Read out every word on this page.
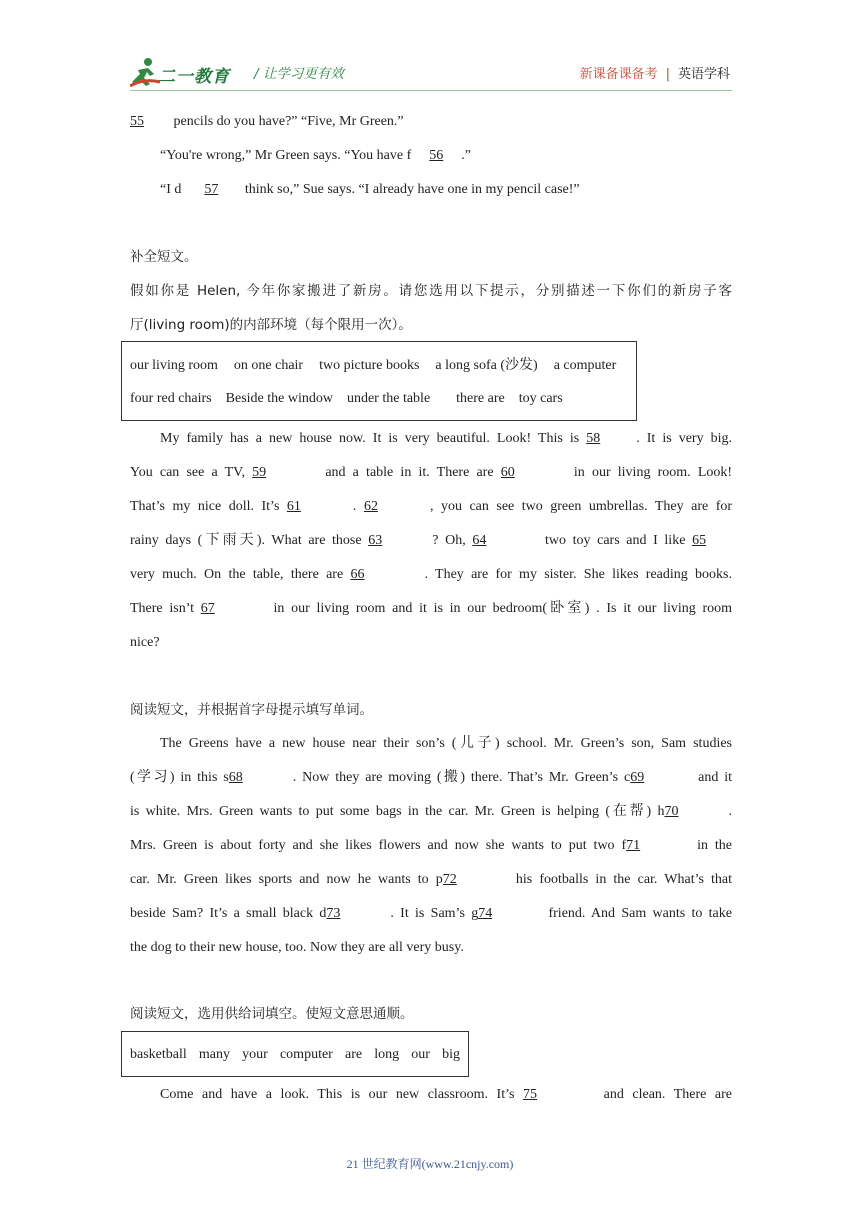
二一教育 / 让学习更有效	新课备课备考 | 英语学科
55 pencils do you have?” “Five, Mr Green.”
“You're wrong,” Mr Green says. “You have f 56 .”
“I d 57 think so,” Sue says. “I already have one in my pencil case!”
补全短文。
假如你是 Helen, 今年你家搬进了新房。请您选用以下提示，分别描述一下你们的新房子客
厅(living room)的内部环境（每个限用一次）。
our living room on one chair two picture books a long sofa (沙发) a computer
four red chairs Beside the window under the table there are toy cars
My family has a new house now. It is very beautiful. Look! This is 58	. It is very big.
You can see a TV, 59	and a table in it. There are 60	in our living room. Look!
That’s my nice doll. It’s 61	. 62	, you can see two green umbrellas. They are for
rainy days (下雨天). What are those 63	? Oh, 64	two toy cars and I like 65
very much. On the table, there are 66	. They are for my sister. She likes reading books.
There isn’t 67	in our living room and it is in our bedroom(卧室) . Is it our living room
nice?
阅读短文，并根据首字母提示填写单词。
The Greens have a new house near their son’s (儿子) school. Mr. Green’s son, Sam studies
(学习) in this s68	. Now they are moving (搬) there. That’s Mr. Green’s c69	and it
is white. Mrs. Green wants to put some bags in the car. Mr. Green is helping (在帮) h70	.
Mrs. Green is about forty and she likes flowers and now she wants to put two f71	in the
car. Mr. Green likes sports and now he wants to p72	his footballs in the car. What’s that
beside Sam? It’s a small black d73	. It is Sam’s g74	friend. And Sam wants to take
the dog to their new house, too. Now they are all very busy.
阅读短文，选用供给词填空。使短文意思通顺。
basketball many your computer are long our big
Come and have a look. This is our new classroom. It’s 75	and clean. There are
21 世纪教育网(www.21cnjy.com)
